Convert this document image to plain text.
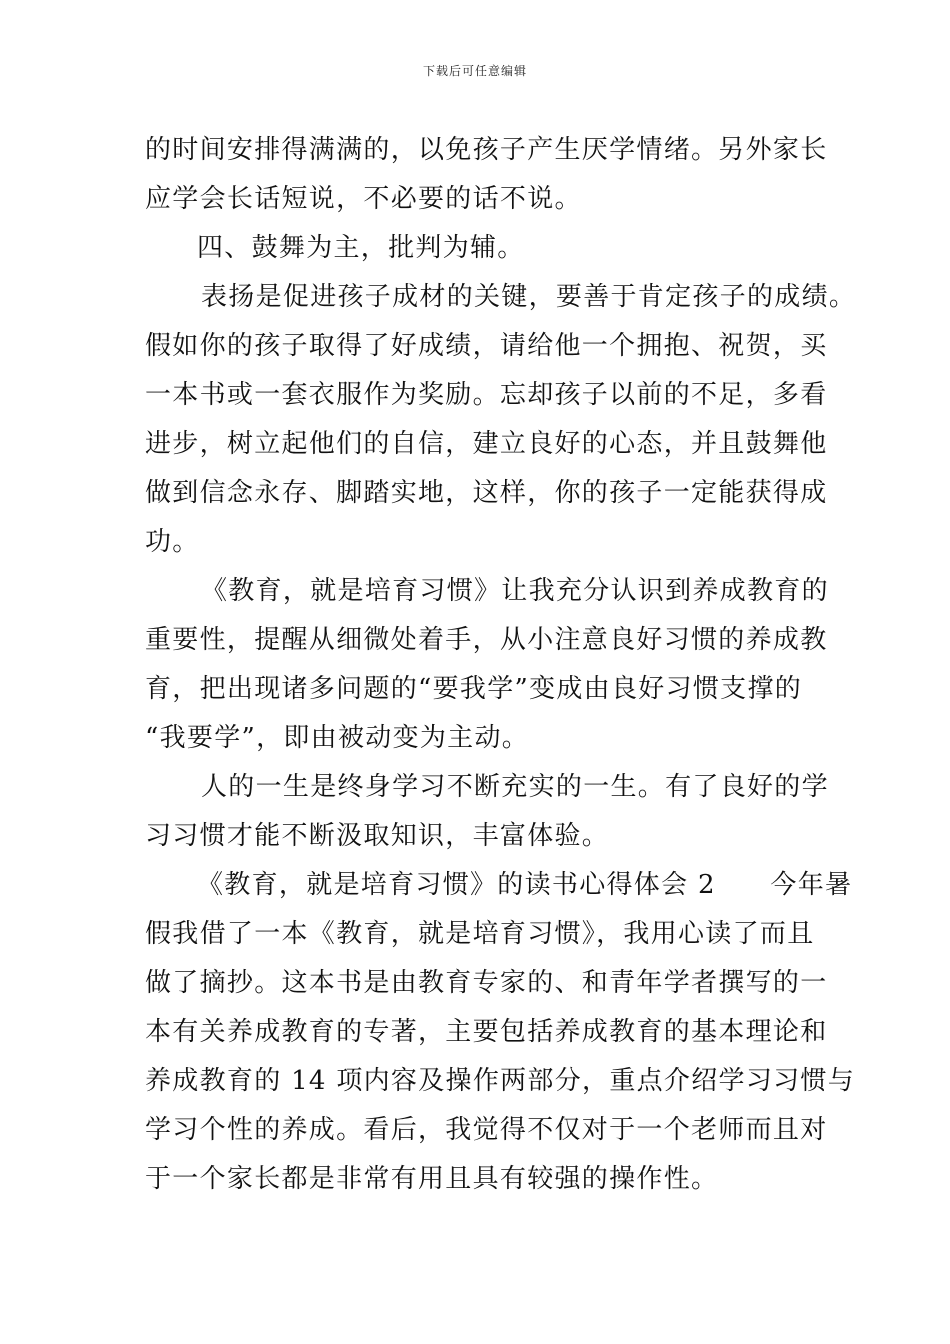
下载后可任意编辑
的时间安排得满满的，以免孩子产生厌学情绪。另外家长
应学会长话短说，不必要的话不说。
四、鼓舞为主，批判为辅。
表扬是促进孩子成材的关键，要善于肯定孩子的成绩。
假如你的孩子取得了好成绩，请给他一个拥抱、祝贺，买
一本书或一套衣服作为奖励。忘却孩子以前的不足，多看
进步，树立起他们的自信，建立良好的心态，并且鼓舞他
做到信念永存、脚踏实地，这样，你的孩子一定能获得成
功。
《教育，就是培育习惯》让我充分认识到养成教育的
重要性，提醒从细微处着手，从小注意良好习惯的养成教
育，把出现诸多问题的“要我学”变成由良好习惯支撑的
“我要学”，即由被动变为主动。
人的一生是终身学习不断充实的一生。有了良好的学
习习惯才能不断汲取知识，丰富体验。
《教育，就是培育习惯》的读书心得体会 2　　今年暑
假我借了一本《教育，就是培育习惯》，我用心读了而且
做了摘抄。这本书是由教育专家的、和青年学者撰写的一
本有关养成教育的专著，主要包括养成教育的基本理论和
养成教育的 14 项内容及操作两部分，重点介绍学习习惯与
学习个性的养成。看后，我觉得不仅对于一个老师而且对
于一个家长都是非常有用且具有较强的操作性。
